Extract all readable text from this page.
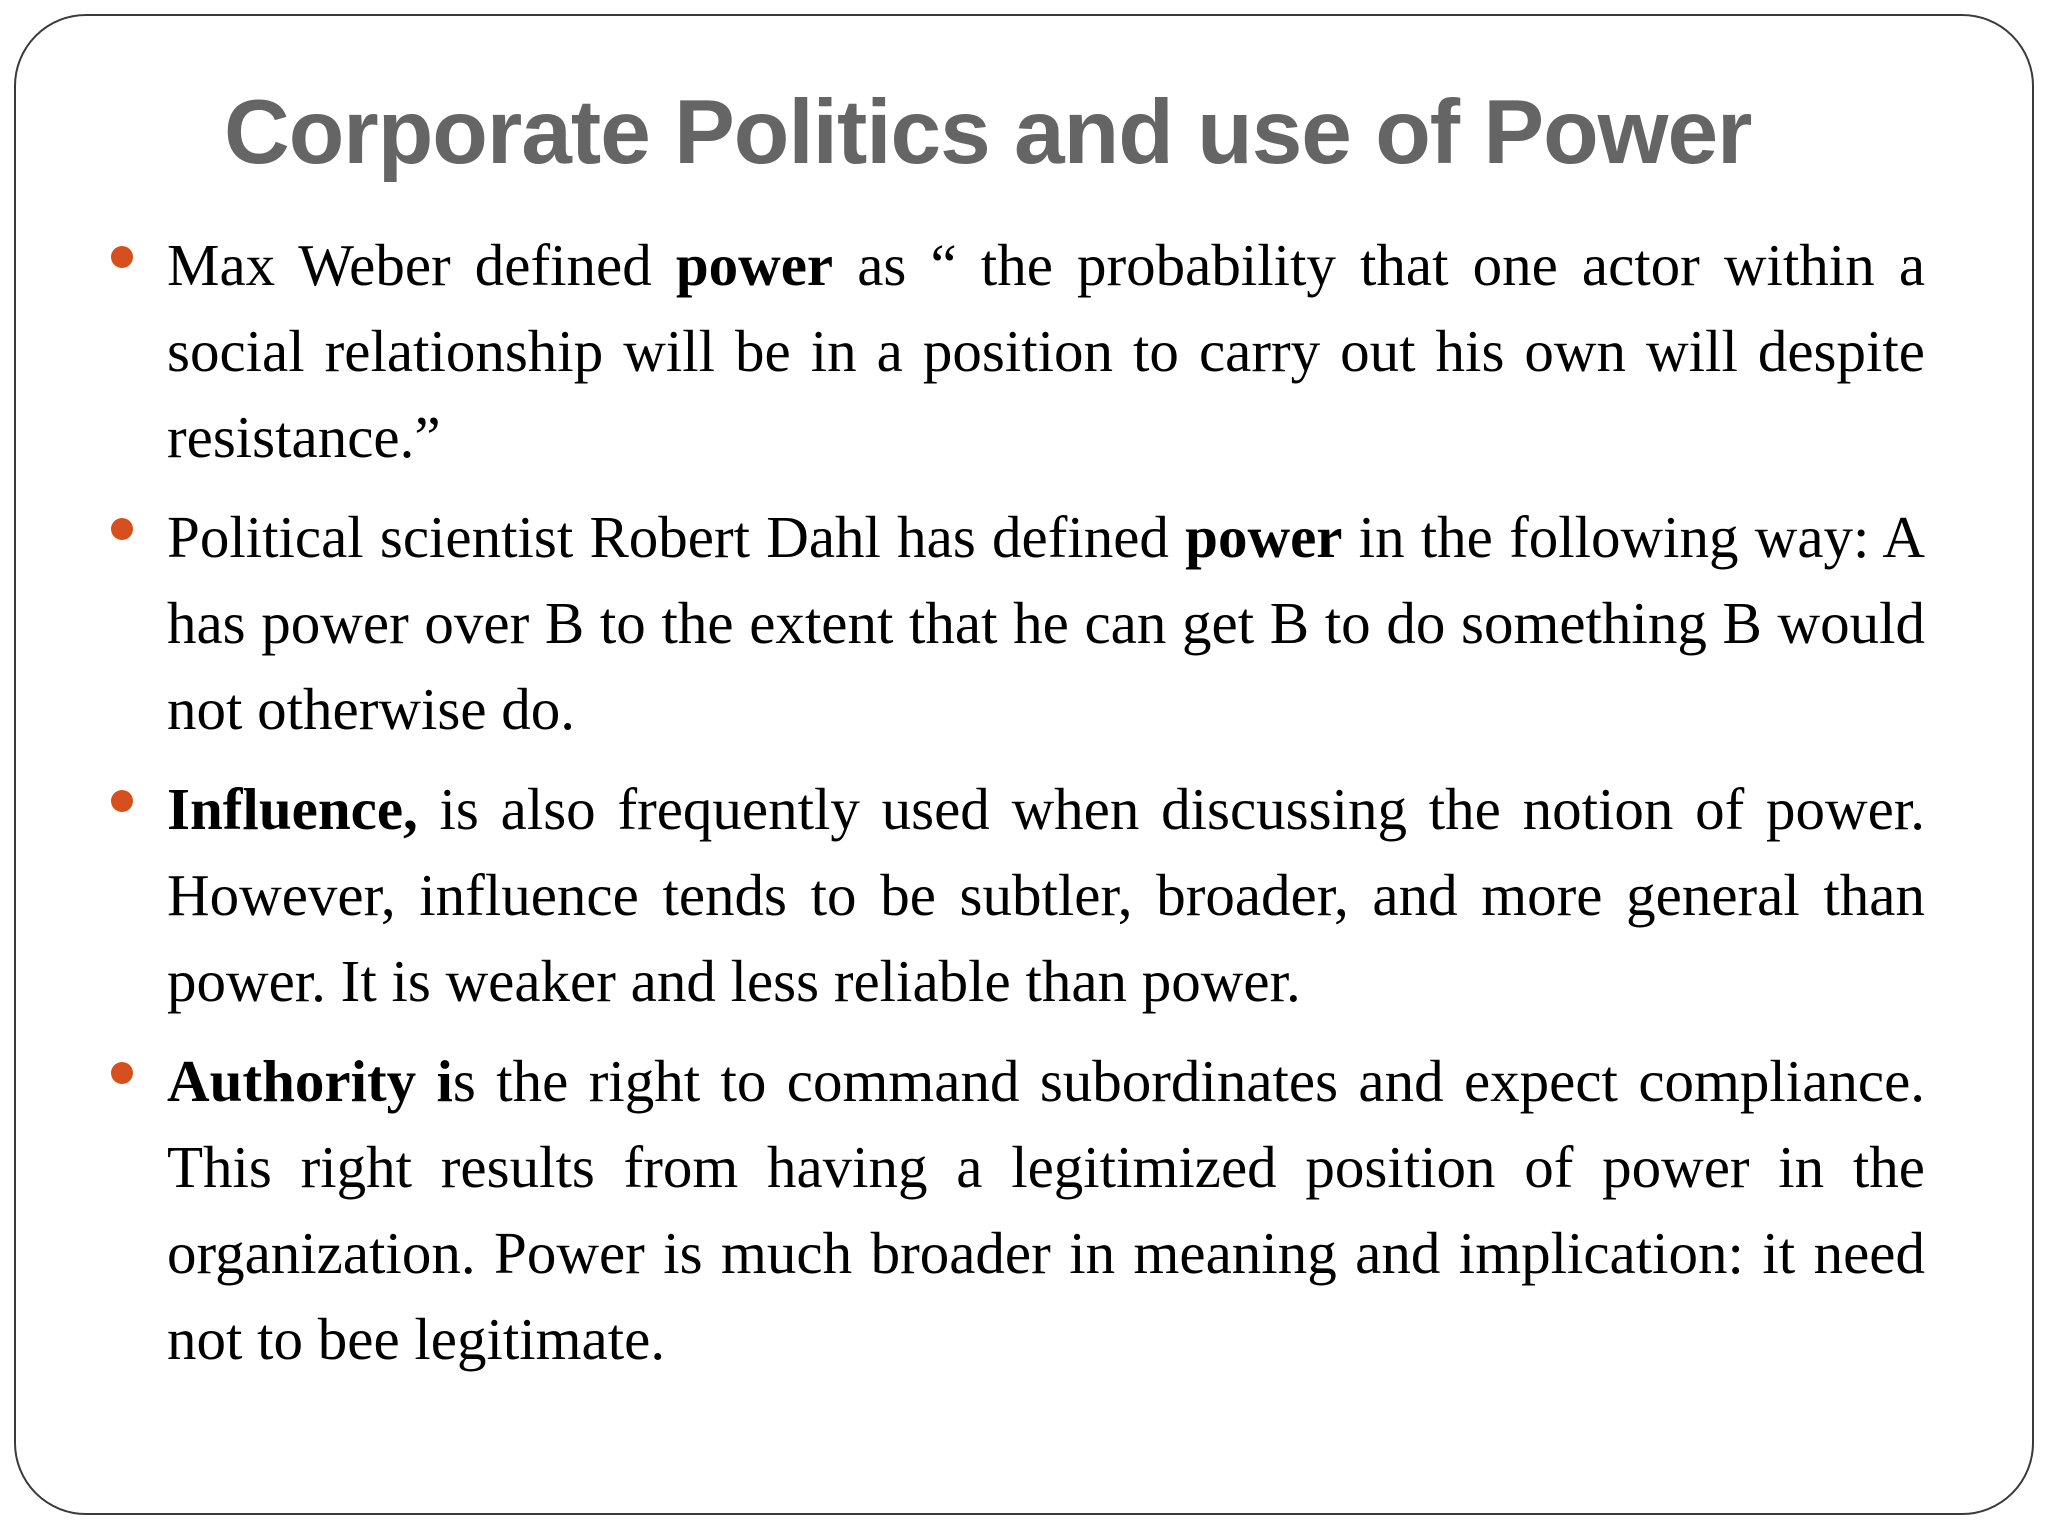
Corporate Politics and use of Power
Max Weber defined power as “ the probability that one actor within a social relationship will be in a position to carry out his own will despite resistance.”
Political scientist Robert Dahl has defined power in the following way: A has power over B to the extent that he can get B to do something B would not otherwise do.
Influence, is also frequently used when discussing the notion of power. However, influence tends to be subtler, broader, and more general than power. It is weaker and less reliable than power.
Authority is the right to command subordinates and expect compliance. This right results from having a legitimized position of power in the organization. Power is much broader in meaning and implication: it need not to bee legitimate.
